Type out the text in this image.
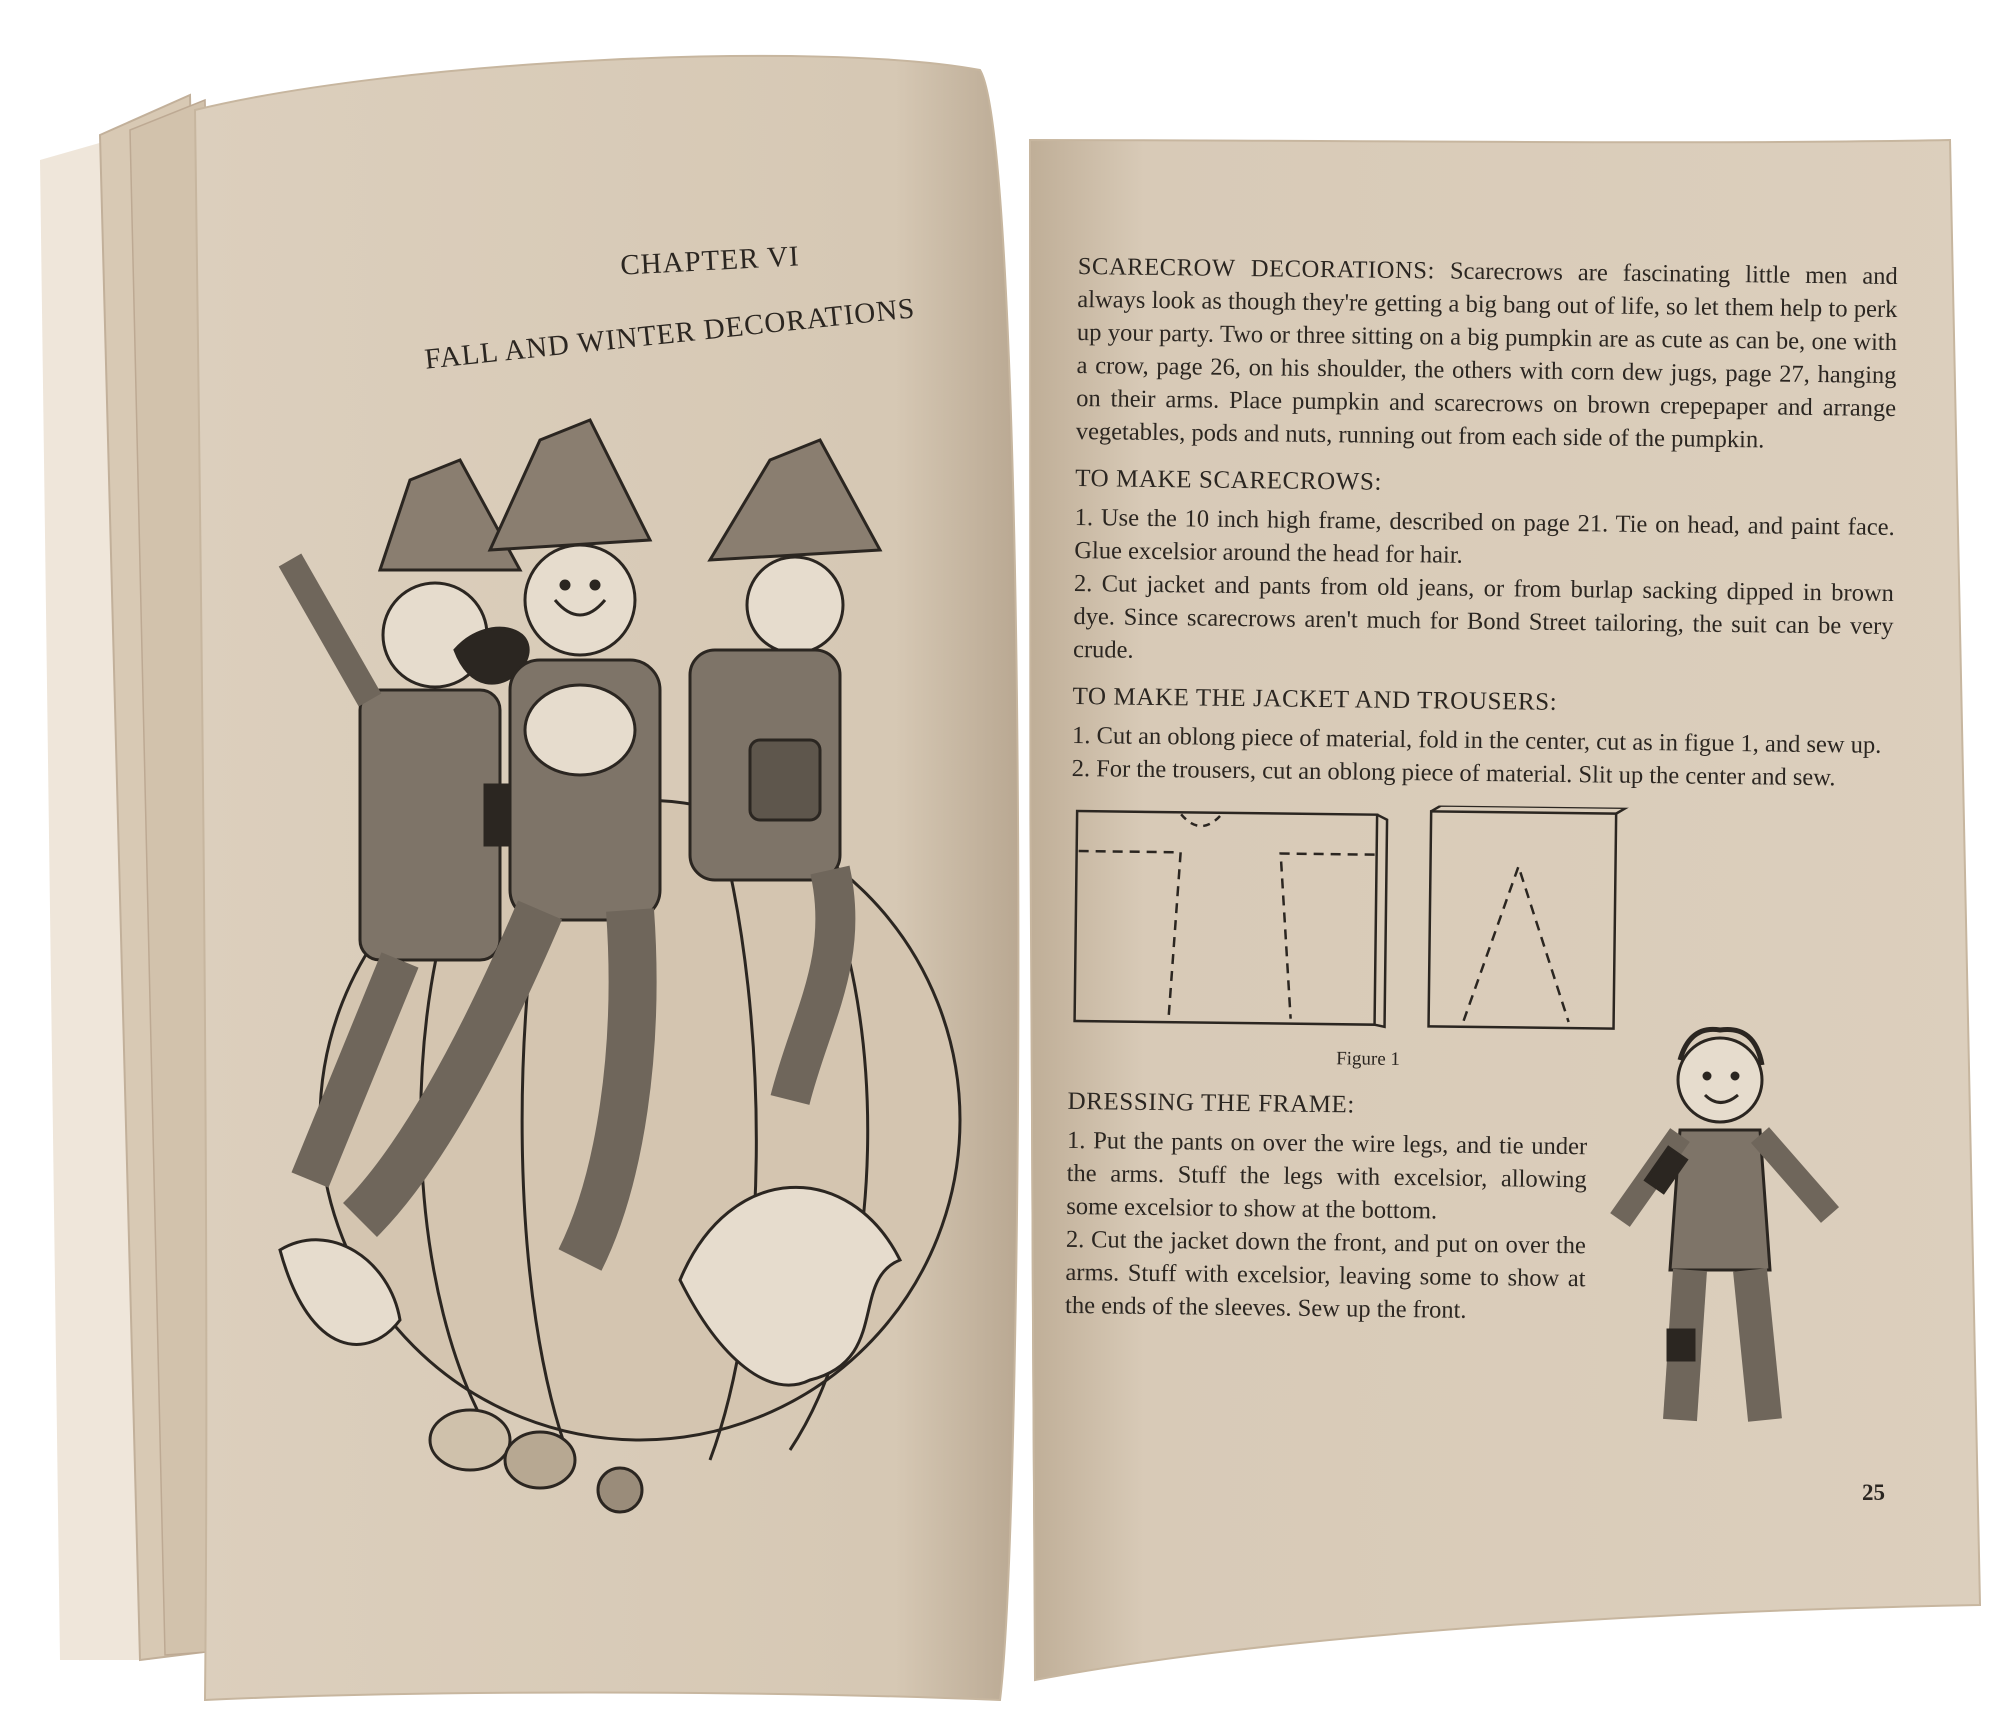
CHAPTER VI
FALL AND WINTER DECORATIONS

SCARECROW DECORATIONS: Scarecrows are fascinating little men and always look as though they're getting a big bang out of life, so let them help to perk up your party. Two or three sitting on a big pumpkin are as cute as can be, one with a crow, page 26, on his shoulder, the others with corn dew jugs, page 27, hanging on their arms. Place pumpkin and scarecrows on brown crepepaper and arrange vegetables, pods and nuts, running out from each side of the pumpkin.

TO MAKE SCARECROWS:

1. Use the 10 inch high frame, described on page 21. Tie on head, and paint face. Glue excelsior around the head for hair.

2. Cut jacket and pants from old jeans, or from burlap sacking dipped in brown dye. Since scarecrows aren't much for Bond Street tailoring, the suit can be very crude.

TO MAKE THE JACKET AND TROUSERS:

1. Cut an oblong piece of material, fold in the center, cut as in figue 1, and sew up.

2. For the trousers, cut an oblong piece of material. Slit up the center and sew.

Figure 1
DRESSING THE FRAME:

1. Put the pants on over the wire legs, and tie under the arms. Stuff the legs with excelsior, allowing some excelsior to show at the bottom.

2. Cut the jacket down the front, and put on over the arms. Stuff with excelsior, leaving some to show at the ends of the sleeves. Sew up the front.

25
